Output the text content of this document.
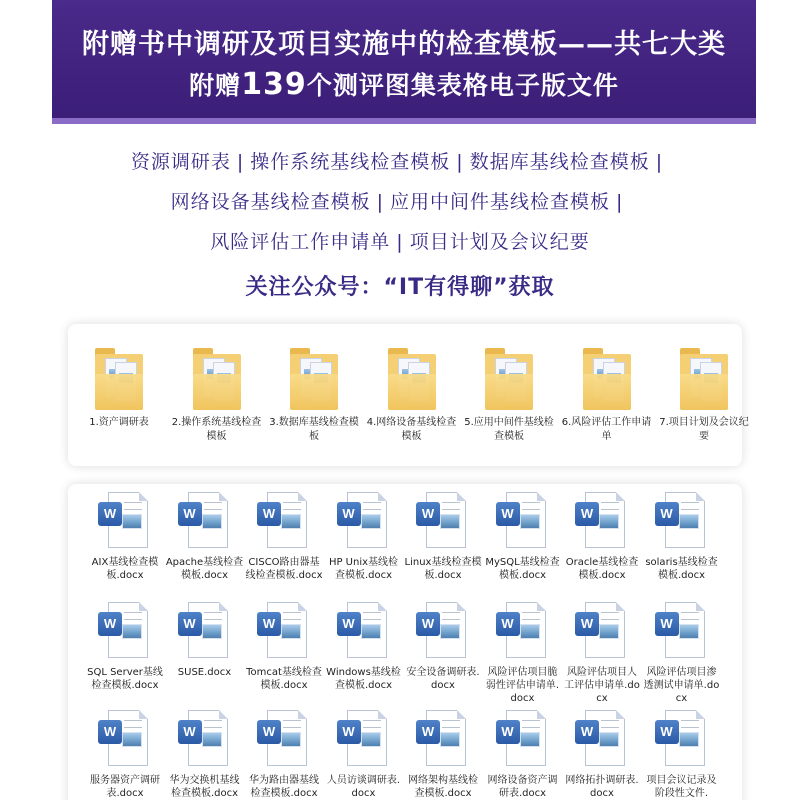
附赠书中调研及项目实施中的检查模板——共七大类
附赠139个测评图集表格电子版文件
资源调研表 | 操作系统基线检查模板 | 数据库基线检查模板 |
网络设备基线检查模板 | 应用中间件基线检查模板 |
风险评估工作申请单 | 项目计划及会议纪要
关注公众号：“IT有得聊”获取
1.资产调研表	2.操作系统基线检查模板
3.数据库基线检查模板
4.网络设备基线检查模板
5.应用中间件基线检查模板
6.风险评估工作申请单
7.项目计划及会议纪要
W
AIX基线检查模板.docx
W
Apache基线检查模板.docx
W
CISCO路由器基线检查模板.docx
W
HP Unix基线检查模板.docx
W
Linux基线检查模板.docx
W
MySQL基线检查模板.docx
W
Oracle基线检查模板.docx
W
solaris基线检查模板.docx
W
SQL Server基线检查模板.docx
W
SUSE.docx
W
Tomcat基线检查模板.docx
W
Windows基线检查模板.docx
W
安全设备调研表.docx
W
风险评估项目脆弱性评估申请单.docx
W
风险评估项目人工评估申请单.docx
W
风险评估项目渗透测试申请单.docx
W
服务器资产调研表.docx
W
华为交换机基线检查模板.docx
W
华为路由器基线检查模板.docx
W
人员访谈调研表.docx
W
网络架构基线检查模板.docx
W
网络设备资产调研表.docx
W
网络拓扑调研表.docx
W
项目会议记录及阶段性文件.
